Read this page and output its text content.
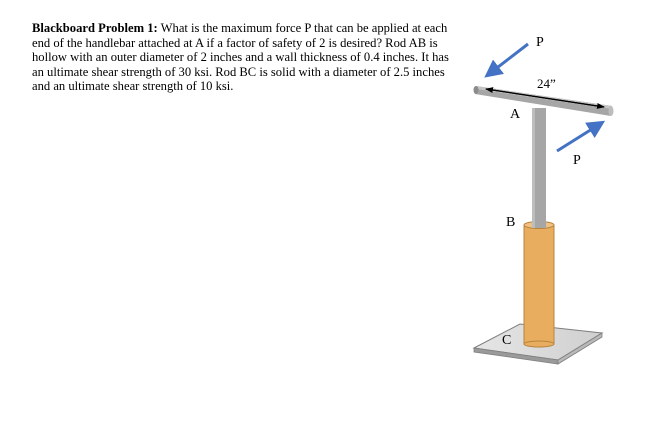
Blackboard Problem 1: What is the maximum force P that can be applied at each end of the handlebar attached at A if a factor of safety of 2 is desired? Rod AB is hollow with an outer diameter of 2 inches and a wall thickness of 0.4 inches. It has an ultimate shear strength of 30 ksi. Rod BC is solid with a diameter of 2.5 inches and an ultimate shear strength of 10 ksi.
P
24”
A
P
B
C
